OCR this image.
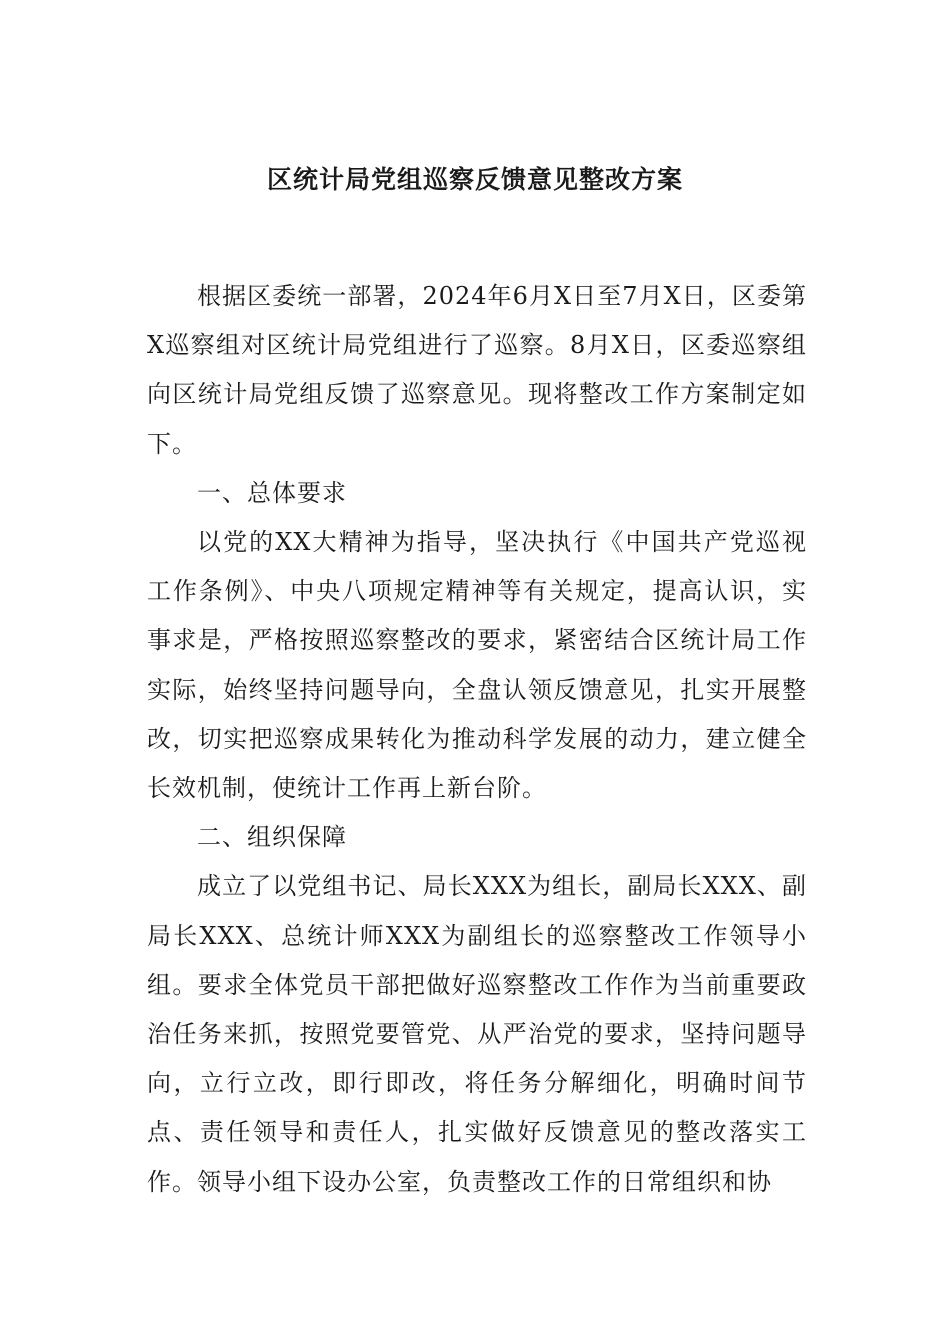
区统计局党组巡察反馈意见整改方案

根据区委统一部署，2024年6月X日至7月X日，区委第X巡察组对区统计局党组进行了巡察。8月X日，区委巡察组向区统计局党组反馈了巡察意见。现将整改工作方案制定如下。

一、总体要求

以党的XX大精神为指导，坚决执行《中国共产党巡视工作条例》、中央八项规定精神等有关规定，提高认识，实事求是，严格按照巡察整改的要求，紧密结合区统计局工作实际，始终坚持问题导向，全盘认领反馈意见，扎实开展整改，切实把巡察成果转化为推动科学发展的动力，建立健全长效机制，使统计工作再上新台阶。

二、组织保障

成立了以党组书记、局长XXX为组长，副局长XXX、副局长XXX、总统计师XXX为副组长的巡察整改工作领导小组。要求全体党员干部把做好巡察整改工作作为当前重要政治任务来抓，按照党要管党、从严治党的要求，坚持问题导向，立行立改，即行即改，将任务分解细化，明确时间节点、责任领导和责任人，扎实做好反馈意见的整改落实工作。领导小组下设办公室，负责整改工作的日常组织和协
